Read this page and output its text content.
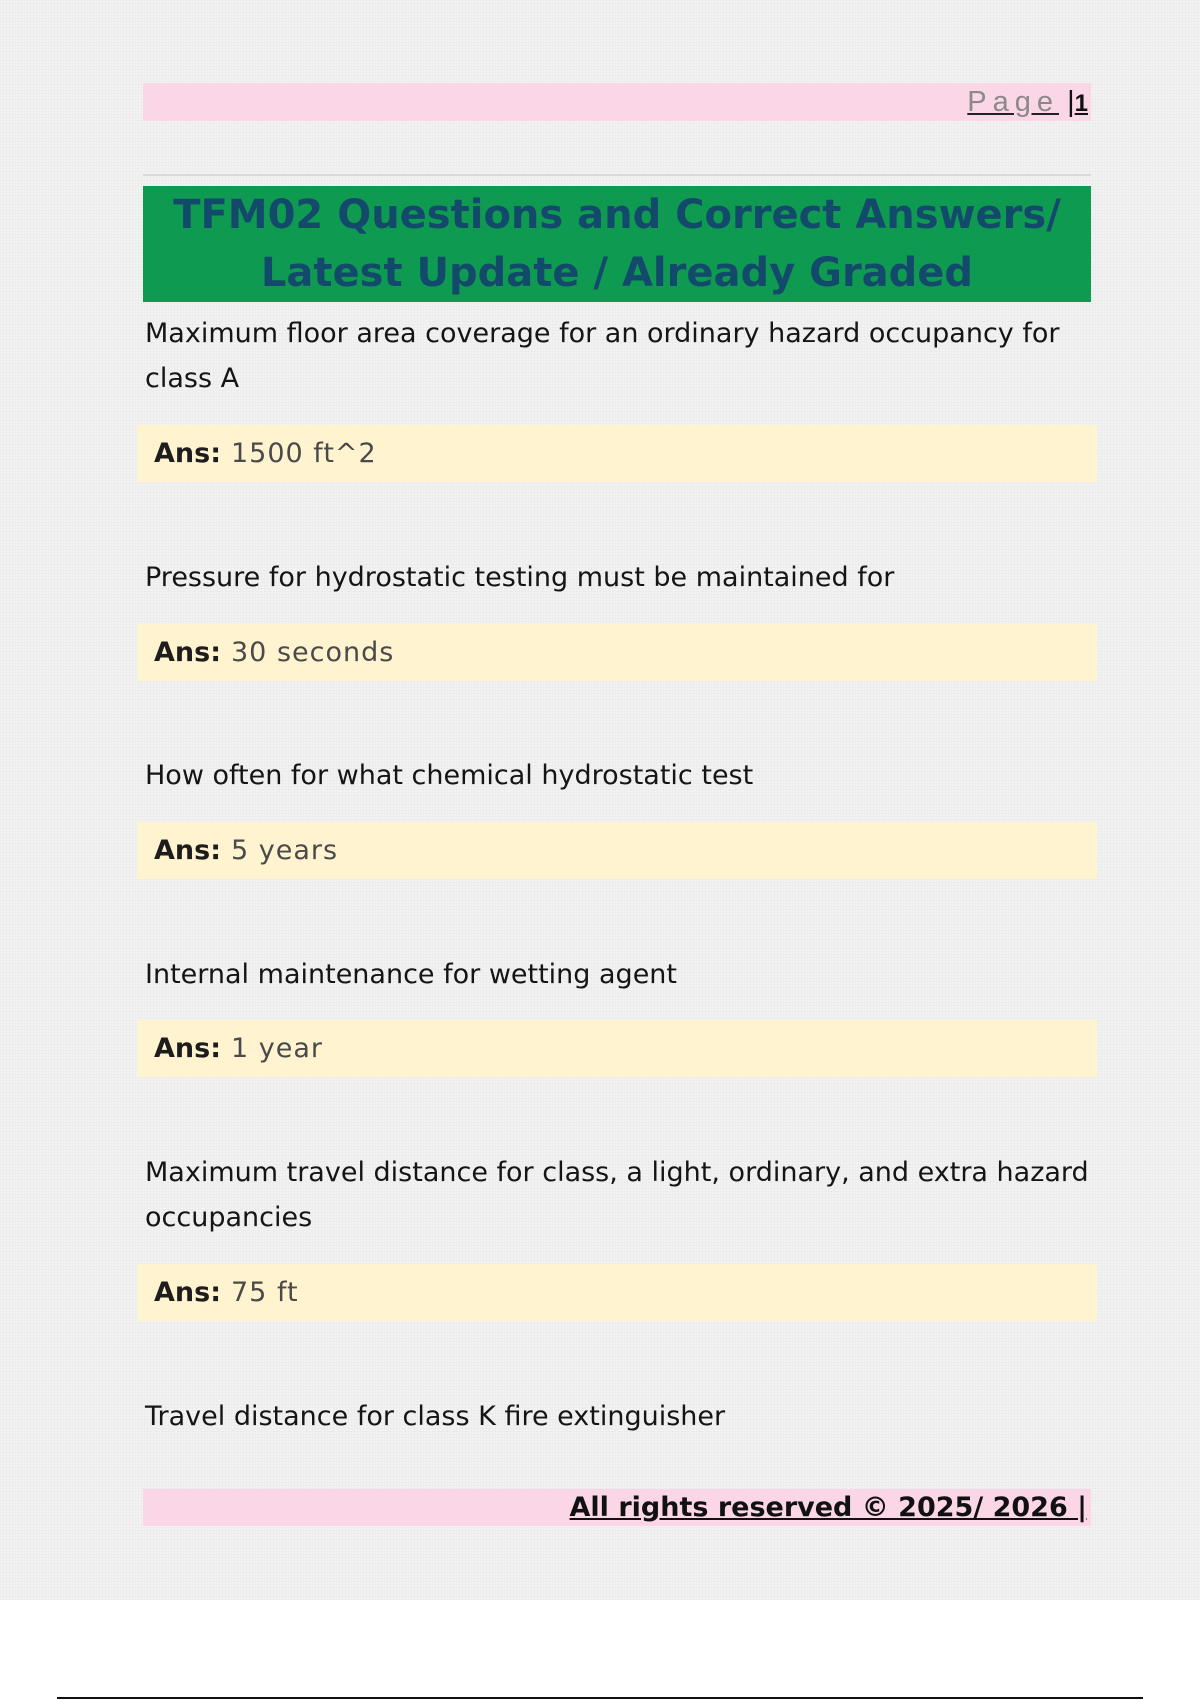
Page |1
TFM02 Questions and Correct Answers/ Latest Update / Already Graded

Maximum floor area coverage for an ordinary hazard occupancy for class A

Ans: 1500 ft^2

Pressure for hydrostatic testing must be maintained for

Ans: 30 seconds

How often for what chemical hydrostatic test

Ans: 5 years

Internal maintenance for wetting agent

Ans: 1 year

Maximum travel distance for class, a light, ordinary, and extra hazard occupancies

Ans: 75 ft

Travel distance for class K fire extinguisher

All rights reserved © 2025/ 2026 |
